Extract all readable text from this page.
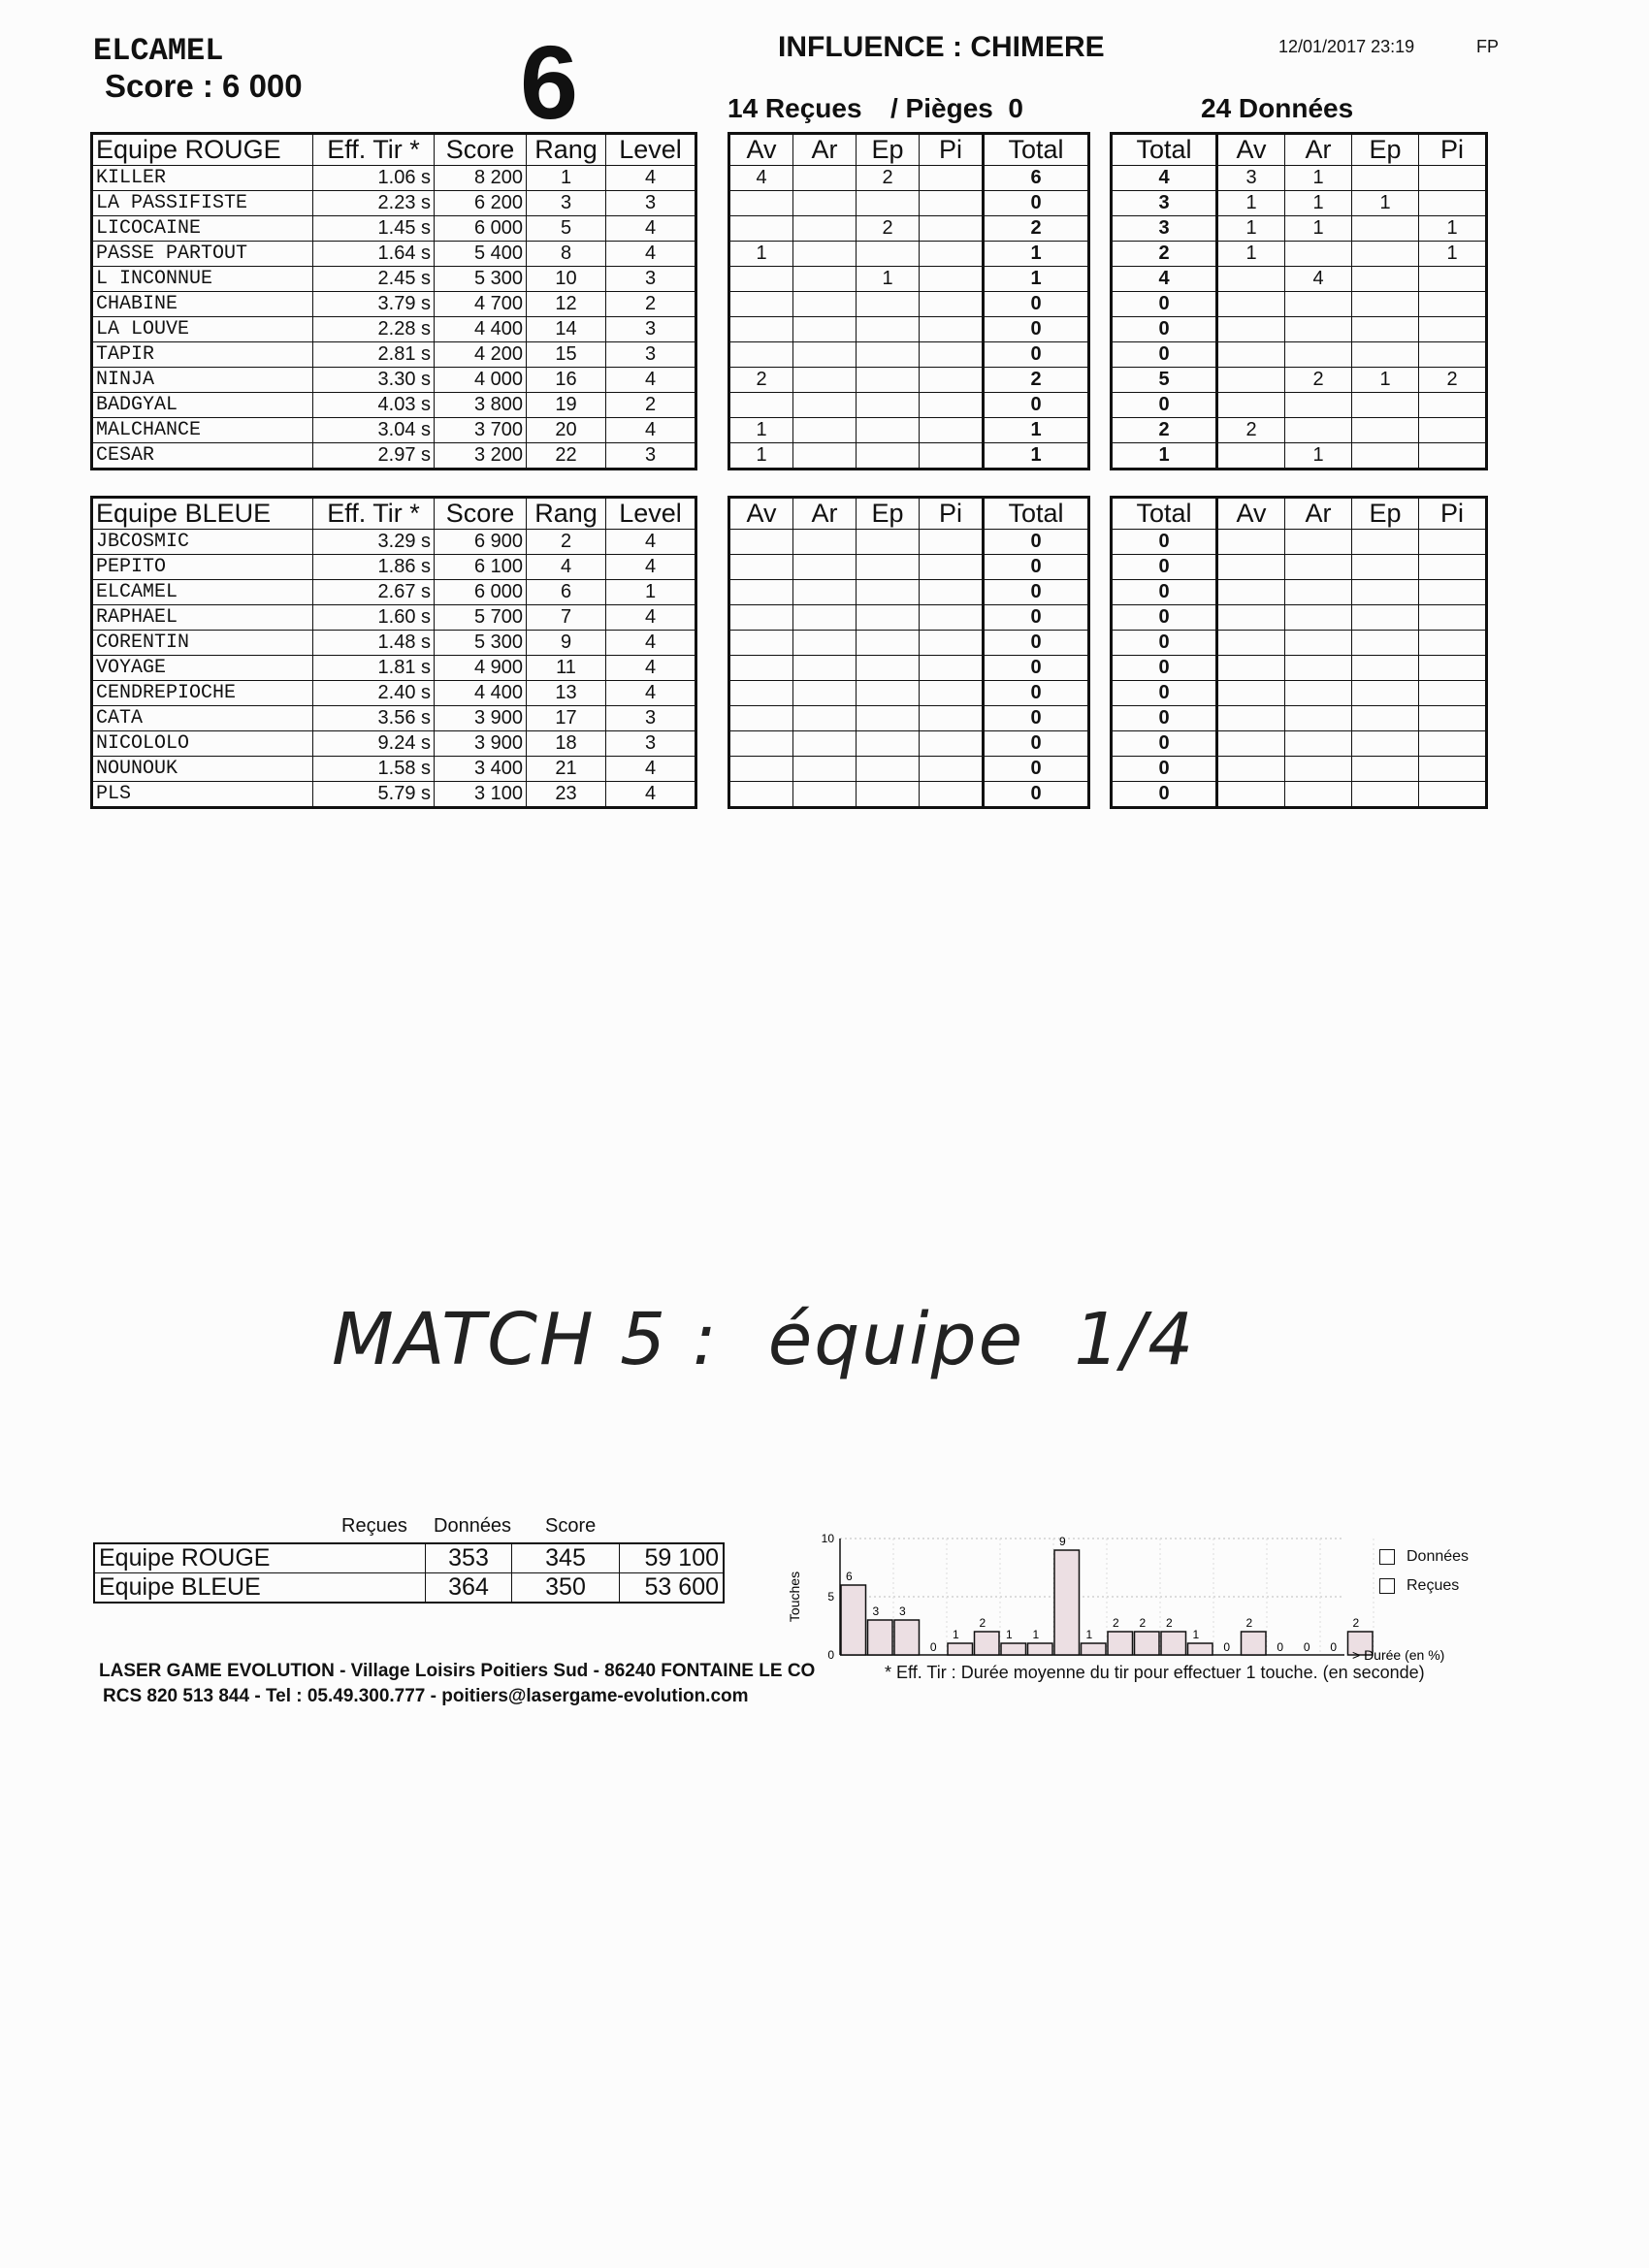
ELCAMEL
Score : 6 000 6	INFLUENCE : CHIMERE	12/01/2017 23:19	FP
14 Reçues / Pièges  0	24 Données
Equipe ROUGE	Eff. Tir *	Score	Rang	Level
KILLER	1.06 s	8 200	1	4
LA PASSIFISTE	2.23 s	6 200	3	3
LICOCAINE	1.45 s	6 000	5	4
PASSE PARTOUT	1.64 s	5 400	8	4
L INCONNUE	2.45 s	5 300	10	3
CHABINE	3.79 s	4 700	12	2
LA LOUVE	2.28 s	4 400	14	3
TAPIR	2.81 s	4 200	15	3
NINJA	3.30 s	4 000	16	4
BADGYAL	4.03 s	3 800	19	2
MALCHANCE	3.04 s	3 700	20	4
CESAR	2.97 s	3 200	22	3
Av	Ar	Ep	Pi	Total
4		2		6
				0
		2		2
1				1
		1		1
				0
				0
				0
2				2
				0
1				1
1				1
Total	Av	Ar	Ep	Pi
4	3	1		
3	1	1	1	
3	1	1		1
2	1			1
4		4		
0				
0				
0				
5		2	1	2
0				
2	2			
1		1		
Equipe BLEUE	Eff. Tir *	Score	Rang	Level
JBCOSMIC	3.29 s	6 900	2	4
PEPITO	1.86 s	6 100	4	4
ELCAMEL	2.67 s	6 000	6	1
RAPHAEL	1.60 s	5 700	7	4
CORENTIN	1.48 s	5 300	9	4
VOYAGE	1.81 s	4 900	11	4
CENDREPIOCHE	2.40 s	4 400	13	4
CATA	3.56 s	3 900	17	3
NICOLOLO	9.24 s	3 900	18	3
NOUNOUK	1.58 s	3 400	21	4
PLS	5.79 s	3 100	23	4
Av	Ar	Ep	Pi	Total
				0
				0
				0
				0
				0
				0
				0
				0
				0
				0
				0
Total	Av	Ar	Ep	Pi
0				
0				
0				
0				
0				
0				
0				
0				
0				
0				
0				
MATCH 5 :  équipe  1/4
Reçues Données Score
Equipe ROUGE	353	345	59 100
Equipe BLEUE	364	350	53 600
LASER GAME EVOLUTION - Village Loisirs Poitiers Sud - 86240 FONTAINE LE CO
RCS 820 513 844 - Tel : 05.49.300.777 - poitiers@lasergame-evolution.com
* Eff. Tir : Durée moyenne du tir pour effectuer 1 touche. (en seconde)
0
5
10
Touches	6
3 3
0
1
2
1 1
9
1
2 2 2
1
0
2
0 0 0
2
> Durée (en %)
Données
Reçues
